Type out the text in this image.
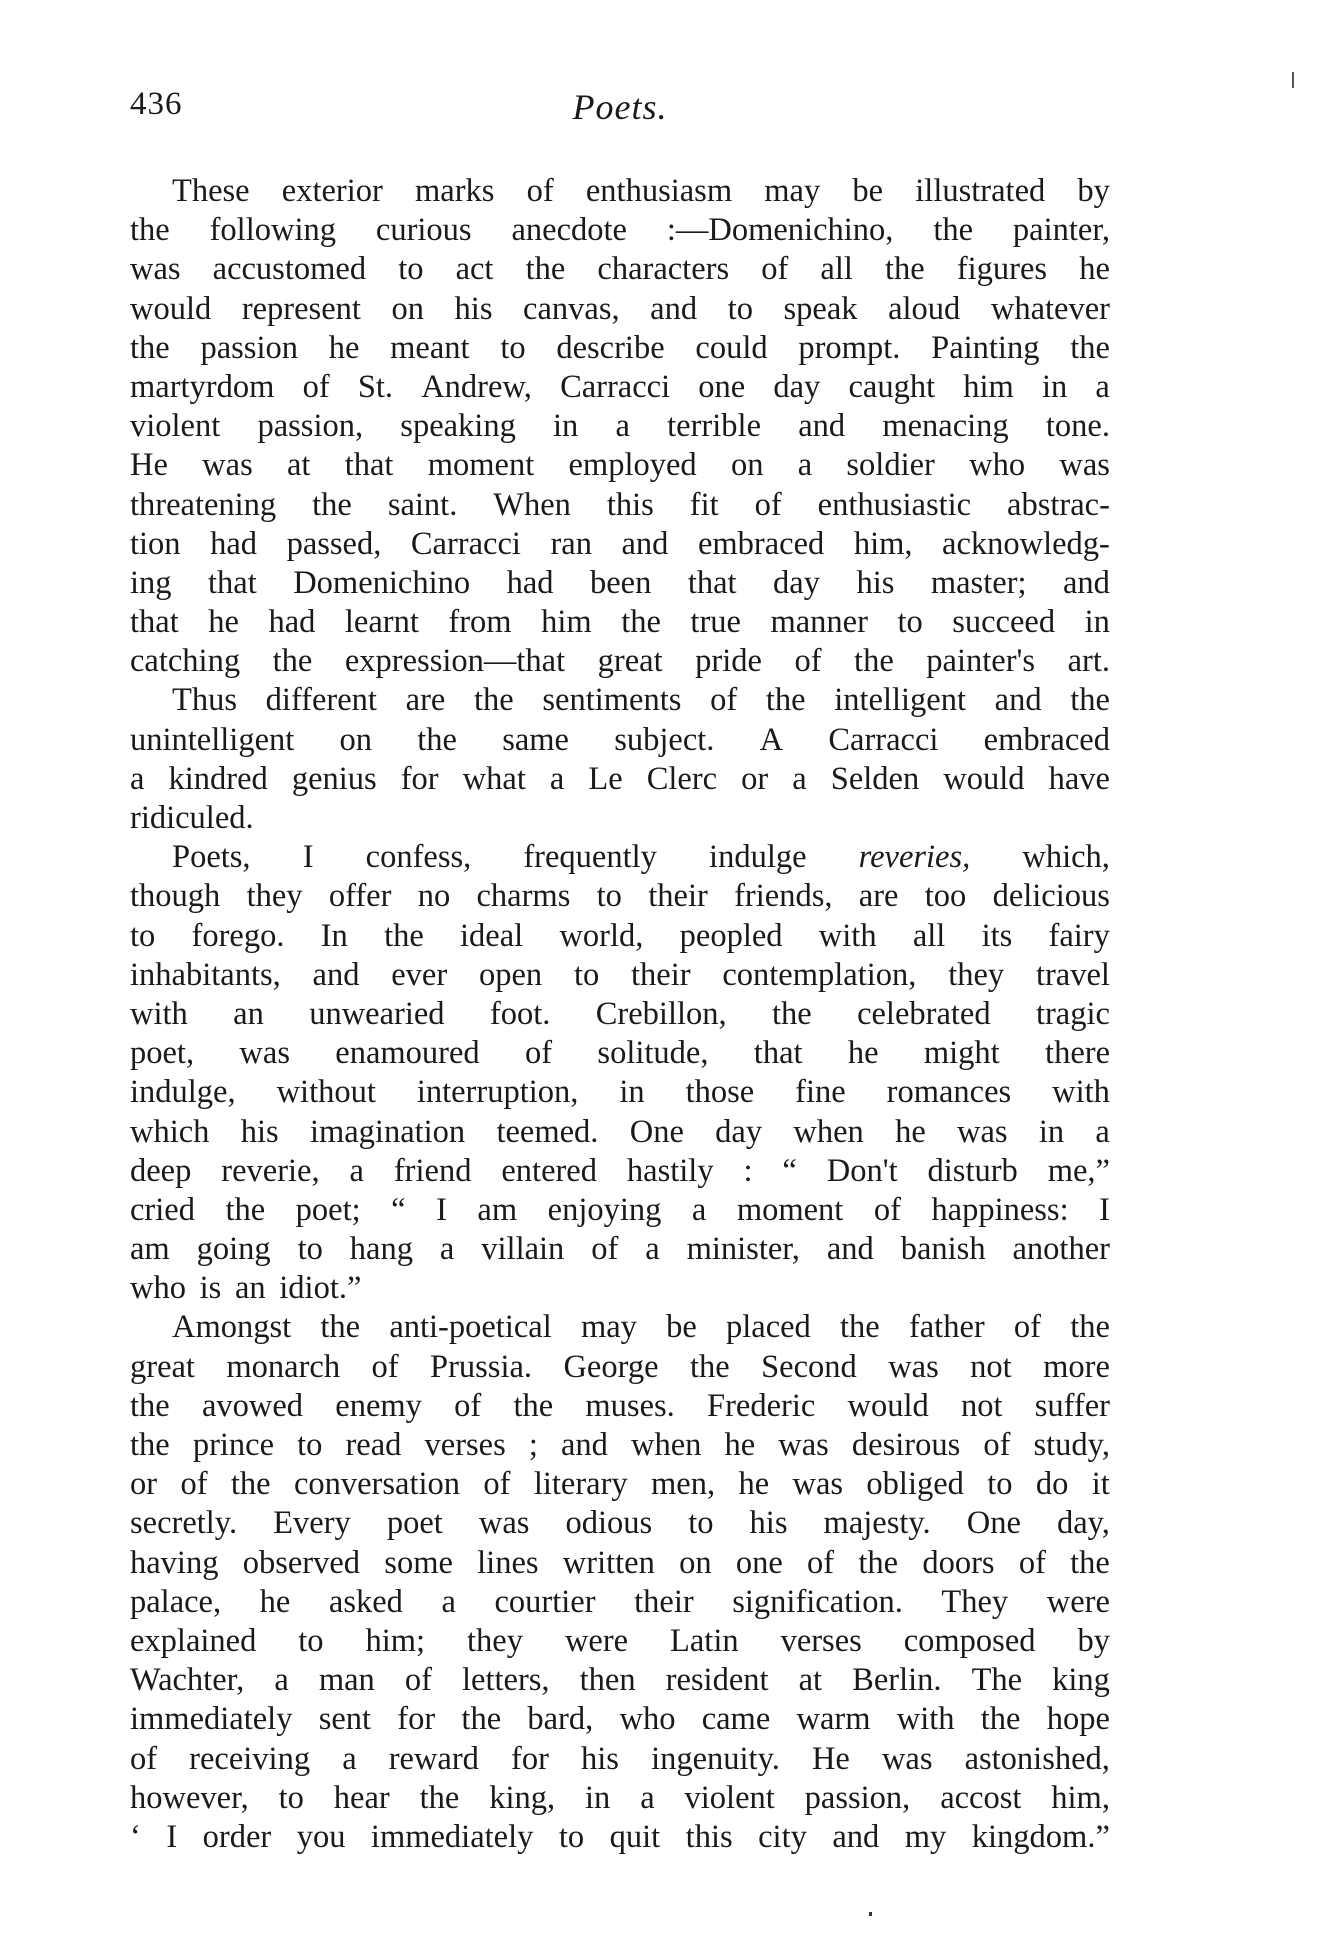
436	Poets.
These exterior marks of enthusiasm may be illustrated by
the following curious anecdote :—Domenichino, the painter,
was accustomed to act the characters of all the figures he
would represent on his canvas, and to speak aloud whatever
the passion he meant to describe could prompt. Painting the
martyrdom of St. Andrew, Carracci one day caught him in a
violent passion, speaking in a terrible and menacing tone.
He was at that moment employed on a soldier who was
threatening the saint. When this fit of enthusiastic abstrac-
tion had passed, Carracci ran and embraced him, acknowledg-
ing that Domenichino had been that day his master; and
that he had learnt from him the true manner to succeed in
catching the expression—that great pride of the painter's art.
Thus different are the sentiments of the intelligent and the
unintelligent on the same subject. A Carracci embraced
a kindred genius for what a Le Clerc or a Selden would have
ridiculed.
Poets, I confess, frequently indulge reveries, which,
though they offer no charms to their friends, are too delicious
to forego. In the ideal world, peopled with all its fairy
inhabitants, and ever open to their contemplation, they travel
with an unwearied foot. Crebillon, the celebrated tragic
poet, was enamoured of solitude, that he might there
indulge, without interruption, in those fine romances with
which his imagination teemed. One day when he was in a
deep reverie, a friend entered hastily : “ Don't disturb me,”
cried the poet; “ I am enjoying a moment of happiness: I
am going to hang a villain of a minister, and banish another
who is an idiot.”
Amongst the anti-poetical may be placed the father of the
great monarch of Prussia. George the Second was not more
the avowed enemy of the muses. Frederic would not suffer
the prince to read verses ; and when he was desirous of study,
or of the conversation of literary men, he was obliged to do it
secretly. Every poet was odious to his majesty. One day,
having observed some lines written on one of the doors of the
palace, he asked a courtier their signification. They were
explained to him; they were Latin verses composed by
Wachter, a man of letters, then resident at Berlin. The king
immediately sent for the bard, who came warm with the hope
of receiving a reward for his ingenuity. He was astonished,
however, to hear the king, in a violent passion, accost him,
‘ I order you immediately to quit this city and my kingdom.”
